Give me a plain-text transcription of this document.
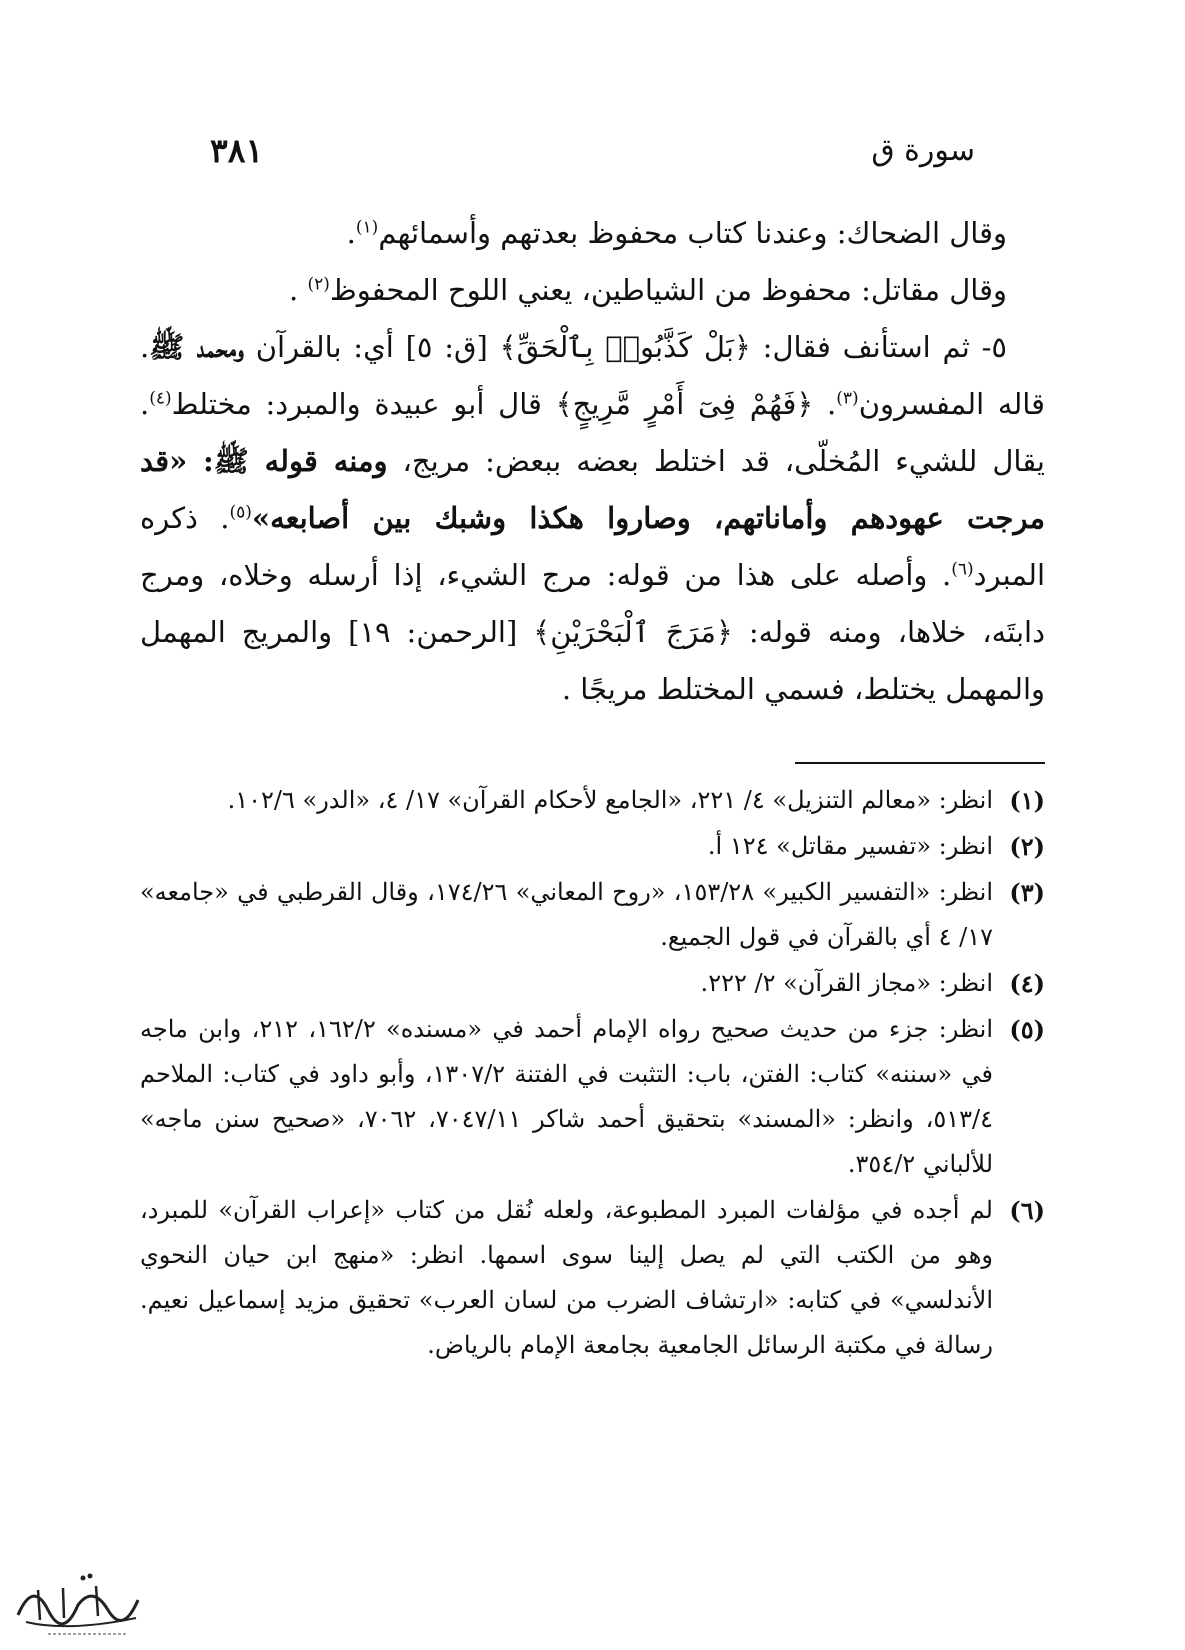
٣٨١	سورة ق

وقال الضحاك: وعندنا كتاب محفوظ بعدتهم وأسمائهم$^{(١)}$.

وقال مقاتل: محفوظ من الشياطين، يعني اللوح المحفوظ$^{(٢)}$ .

٥- ثم استأنف فقال: ﴿بَلْ كَذَّبُوا۟ بِٱلْحَقِّ﴾ [ق: ٥] أي: بالقرآن ومحمد ﷺ. قاله المفسرون$^{(٣)}$. ﴿فَهُمْ فِىٓ أَمْرٍ مَّرِيجٍ﴾ قال أبو عبيدة والمبرد: مختلط$^{(٤)}$. يقال للشيء المُخلّى، قد اختلط بعضه ببعض: مريج، ومنه قوله ﷺ: «قد مرجت عهودهم وأماناتهم، وصاروا هكذا وشبك بين أصابعه»$^{(٥)}$. ذكره المبرد$^{(٦)}$. وأصله على هذا من قوله: مرج الشيء، إذا أرسله وخلاه، ومرج دابتَه، خلاها، ومنه قوله: ﴿مَرَجَ ٱلْبَحْرَيْنِ﴾ [الرحمن: ١٩] والمريج المهمل والمهمل يختلط، فسمي المختلط مريجًا .

(١)
انظر: «معالم التنزيل» ٤/ ٢٢١، «الجامع لأحكام القرآن» ١٧/ ٤، «الدر» ١٠٢/٦.
(٢)
انظر: «تفسير مقاتل» ١٢٤ أ.
(٣)
انظر: «التفسير الكبير» ١٥٣/٢٨، «روح المعاني» ١٧٤/٢٦، وقال القرطبي في «جامعه» ١٧/ ٤ أي بالقرآن في قول الجميع.
(٤)
انظر: «مجاز القرآن» ٢/ ٢٢٢.
(٥)
انظر: جزء من حديث صحيح رواه الإمام أحمد في «مسنده» ١٦٢/٢، ٢١٢، وابن ماجه في «سننه» كتاب: الفتن، باب: التثبت في الفتنة ١٣٠٧/٢، وأبو داود في كتاب: الملاحم ٥١٣/٤، وانظر: «المسند» بتحقيق أحمد شاكر ٧٠٤٧/١١، ٧٠٦٢، «صحيح سنن ماجه» للألباني ٣٥٤/٢.
(٦)
لم أجده في مؤلفات المبرد المطبوعة، ولعله نُقل من كتاب «إعراب القرآن» للمبرد، وهو من الكتب التي لم يصل إلينا سوى اسمها. انظر: «منهج ابن حيان النحوي الأندلسي» في كتابه: «ارتشاف الضرب من لسان العرب» تحقيق مزيد إسماعيل نعيم. رسالة في مكتبة الرسائل الجامعية بجامعة الإمام بالرياض.
